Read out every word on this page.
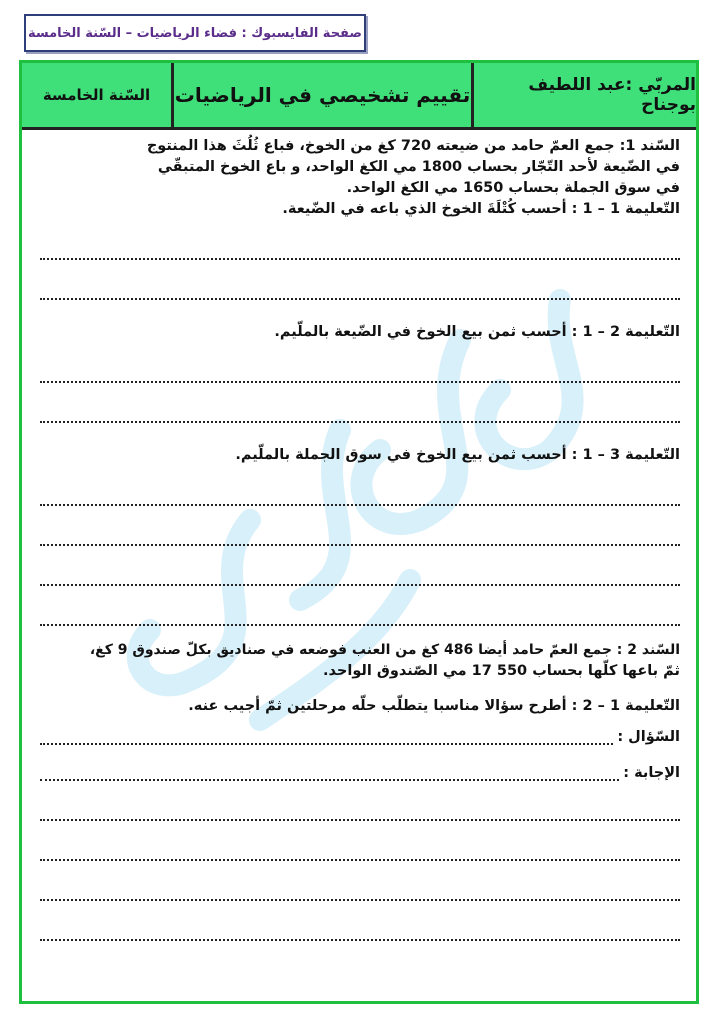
صفحة الفايسبوك : فضاء الرياضيات – السّنة الخامسة
المربّي :عبد اللطيف بوجناح
تقييم تشخيصي في الرياضيات
السّنة الخامسة

السّند 1: جمع العمّ حامد من ضيعته 720 كغ من الخوخ، فباع ثُلُثَ هذا المنتوج

في الضّيعة لأحد التّجّار بحساب 1800 مي الكغ الواحد، و باع الخوخ المتبقّي

في سوق الجملة بحساب 1650 مي الكغ الواحد.

التّعليمة 1 – 1 : أحسب كُتْلَةَ الخوخ الذي باعه في الضّيعة.

التّعليمة 2 – 1 : أحسب ثمن بيع الخوخ في الضّيعة بالملّيم.

التّعليمة 3 – 1 : أحسب ثمن بيع الخوخ في سوق الجملة بالملّيم.

السّند 2 : جمع العمّ حامد أيضا 486 كغ من العنب فوضعه في صناديق بكلّ صندوق 9 كغ،

ثمّ باعها كلّها بحساب 550 17 مي الصّندوق الواحد.

التّعليمة 1 – 2 : أطرح سؤالا مناسبا يتطلّب حلّه مرحلتين ثمّ أجيب عنه.

السّؤال :
الإجابة :
